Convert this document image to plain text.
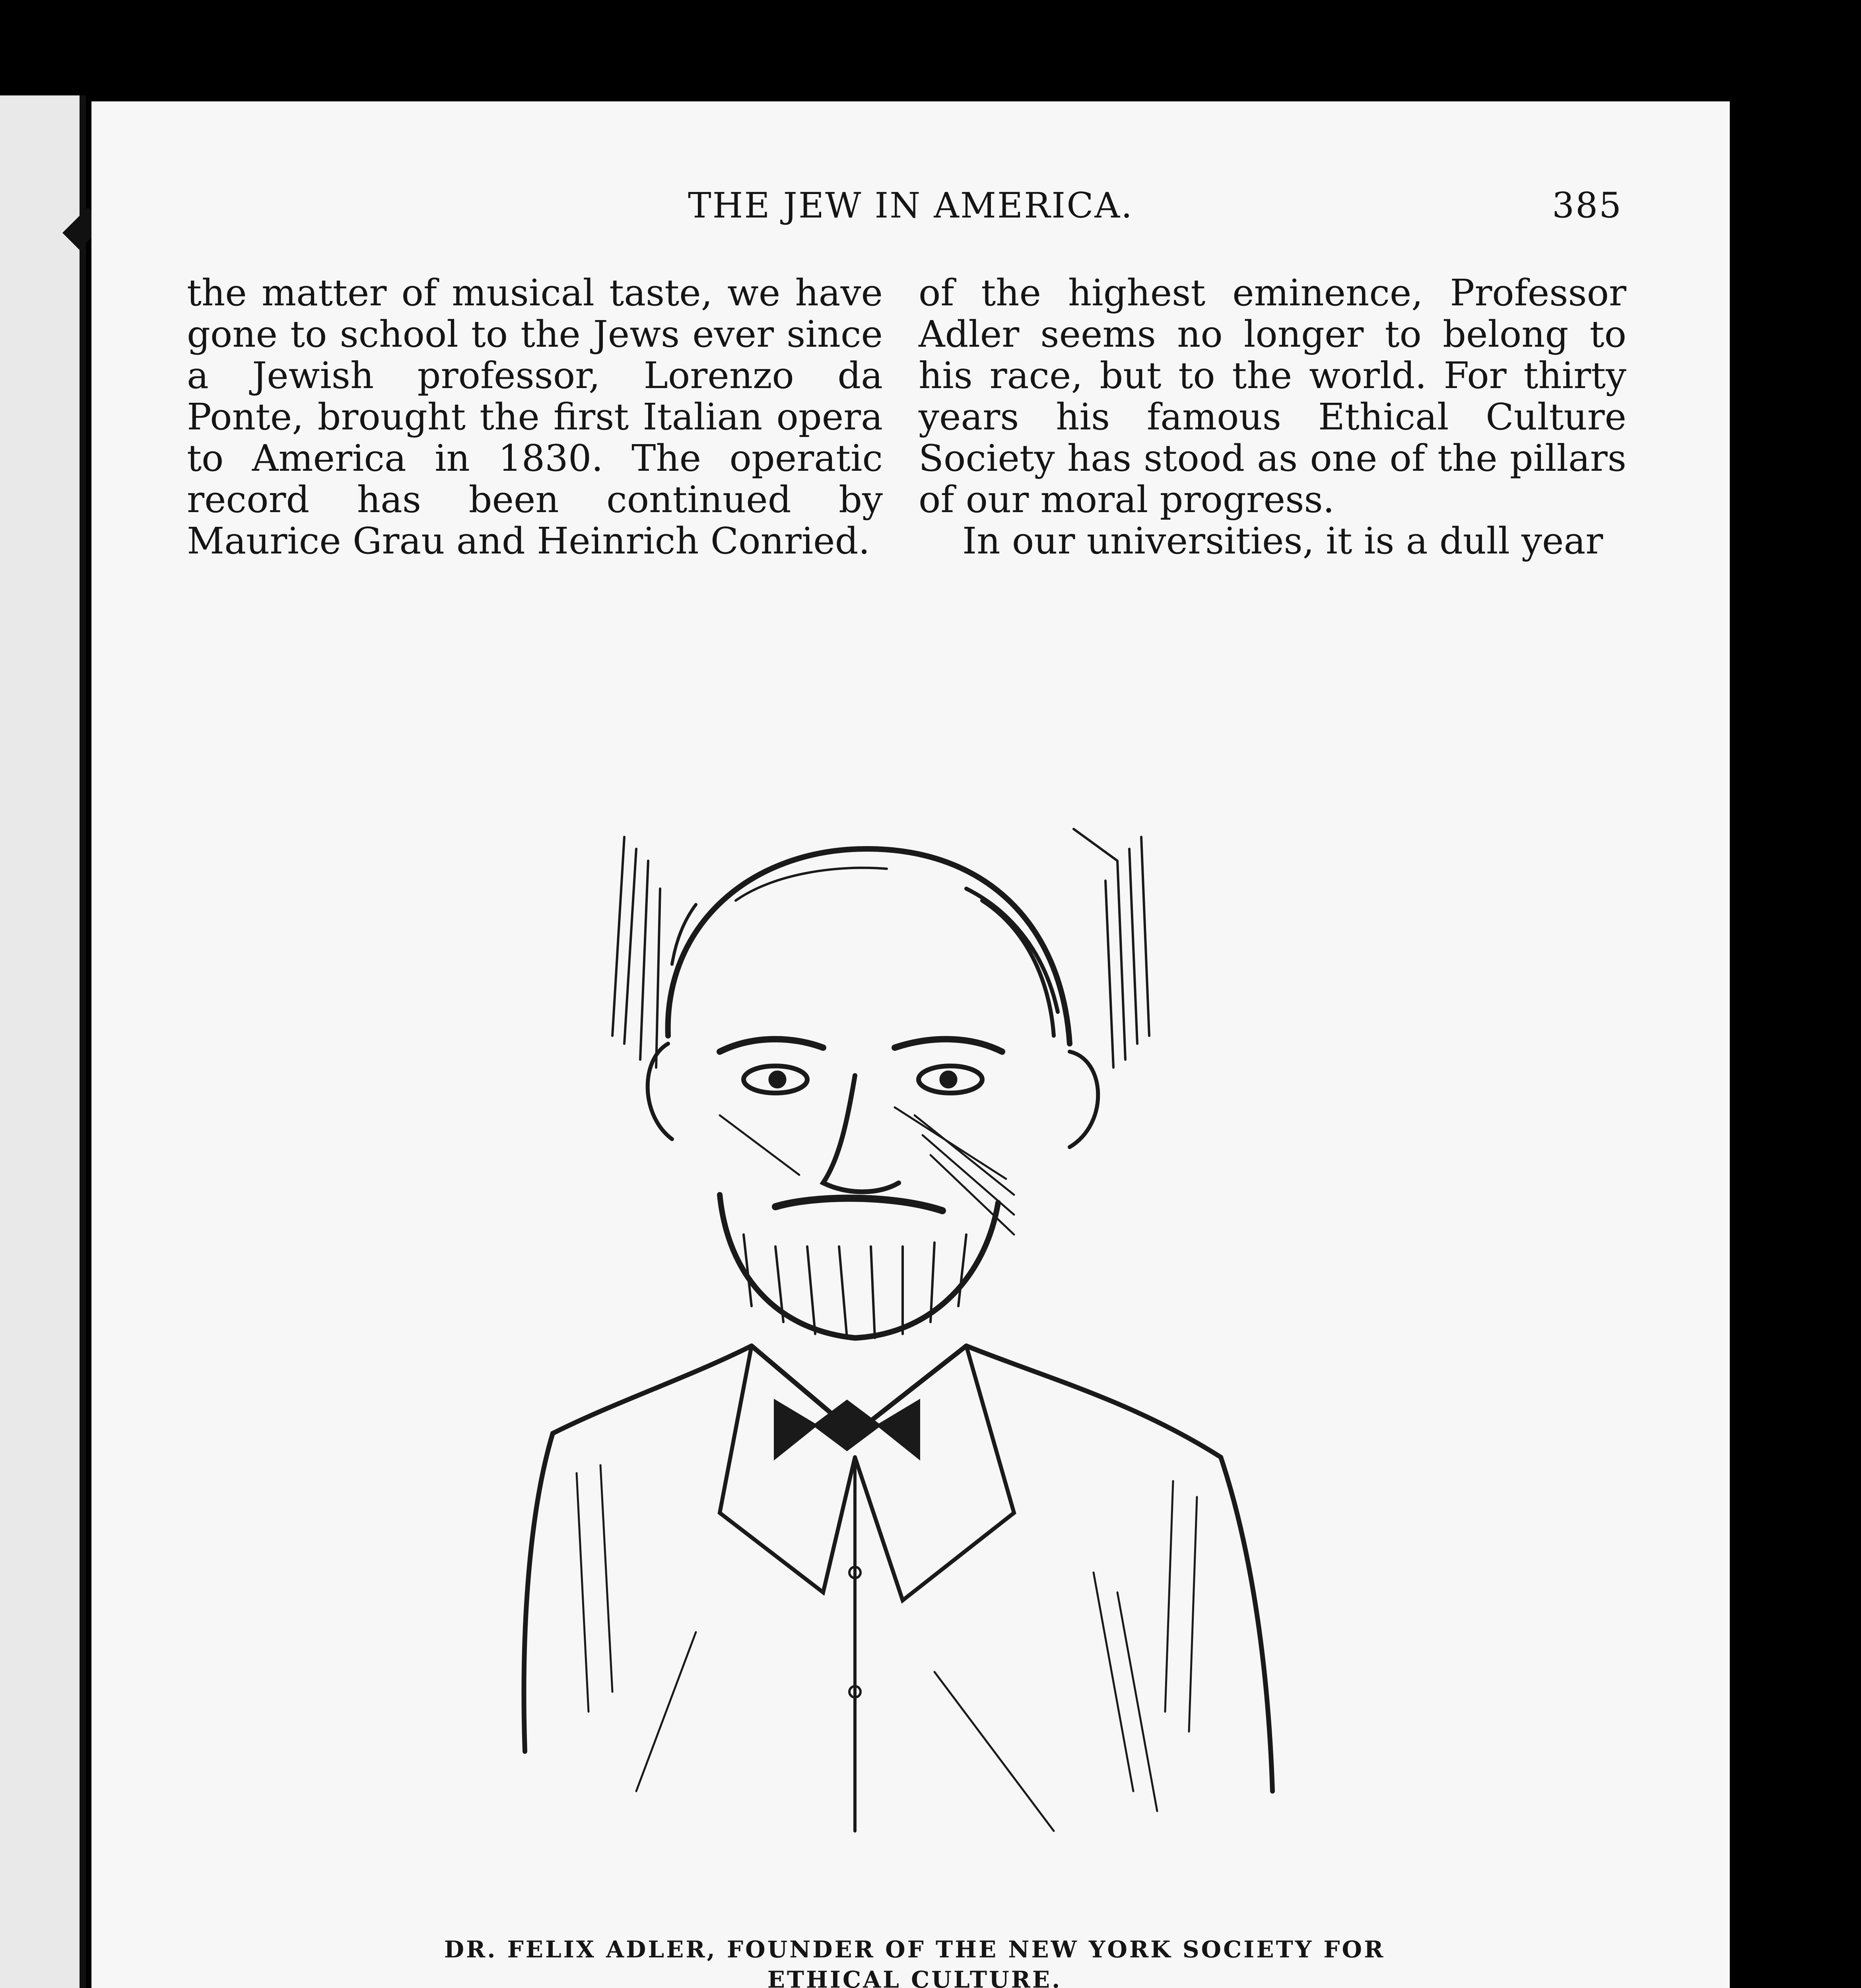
THE JEW IN AMERICA.	385

the matter of musical taste, we have gone to school to the Jews ever since a Jewish professor, Lorenzo da Ponte, brought the first Italian opera to America in 1830. The operatic record has been continued by Maurice Grau and Heinrich Conried.

of the highest eminence, Professor Adler seems no longer to belong to his race, but to the world. For thirty years his famous Ethical Culture Society has stood as one of the pillars of our moral progress.

In our universities, it is a dull year

DR. FELIX ADLER, FOUNDER OF THE NEW YORK SOCIETY FOR
ETHICAL CULTURE.
